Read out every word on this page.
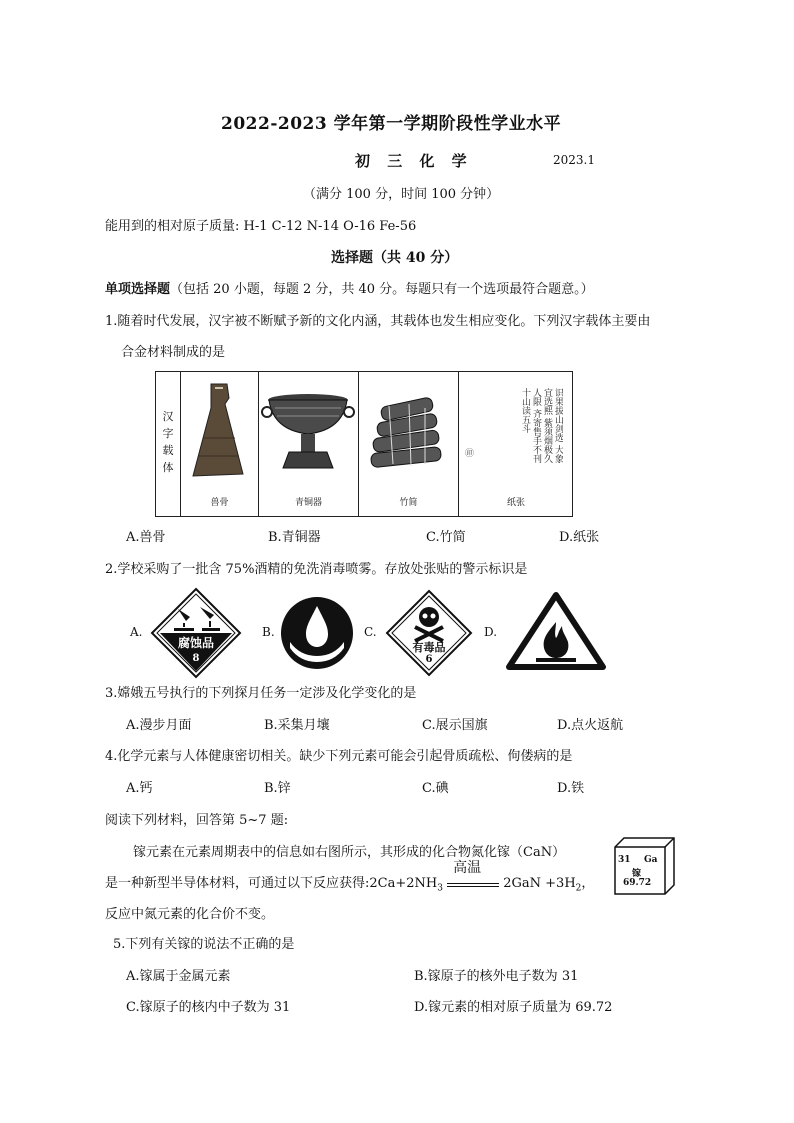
2022-2023 学年第一学期阶段性学业水平
初 三 化 学	2023.1
（满分 100 分，时间 100 分钟）
能用到的相对原子质量: H-1 C-12 N-14 O-16 Fe-56
选择题（共 40 分）
单项选择题（包括 20 小题，每题 2 分，共 40 分。每题只有一个选项最符合题意。）
1.随着时代发展，汉字被不断赋予新的文化内涵，其载体也发生相应变化。下列汉字载体主要由
合金材料制成的是
汉字载体
兽骨	青铜器	竹简
识果拔山剑选 大象宜选熙 紫须烟极久人限 齐寄售手不刊 十山读五斗
㊞
纸张
A.兽骨	B.青铜器	C.竹简	D.纸张
2.学校采购了一批含 75%酒精的免洗消毒喷雾。存放处张贴的警示标识是
A.
腐蚀品
8
B.	C.
有毒品
6
D.
3.嫦娥五号执行的下列探月任务一定涉及化学变化的是
A.漫步月面	B.采集月壤	C.展示国旗	D.点火返航
4.化学元素与人体健康密切相关。缺少下列元素可能会引起骨质疏松、佝偻病的是
A.钙	B.锌	C.碘	D.铁
阅读下列材料，回答第 5~7 题:
镓元素在元素周期表中的信息如右图所示，其形成的化合物氮化镓（CaN）
是一种新型半导体材料，可通过以下反应获得$:2Ca+2NH_3$
高温
$2GaN +3H_2$，
反应中氮元素的化合价不变。
31 Ga
镓
69.72
5.下列有关镓的说法不正确的是
A.镓属于金属元素	B.镓原子的核外电子数为 31
C.镓原子的核内中子数为 31	D.镓元素的相对原子质量为 69.72
